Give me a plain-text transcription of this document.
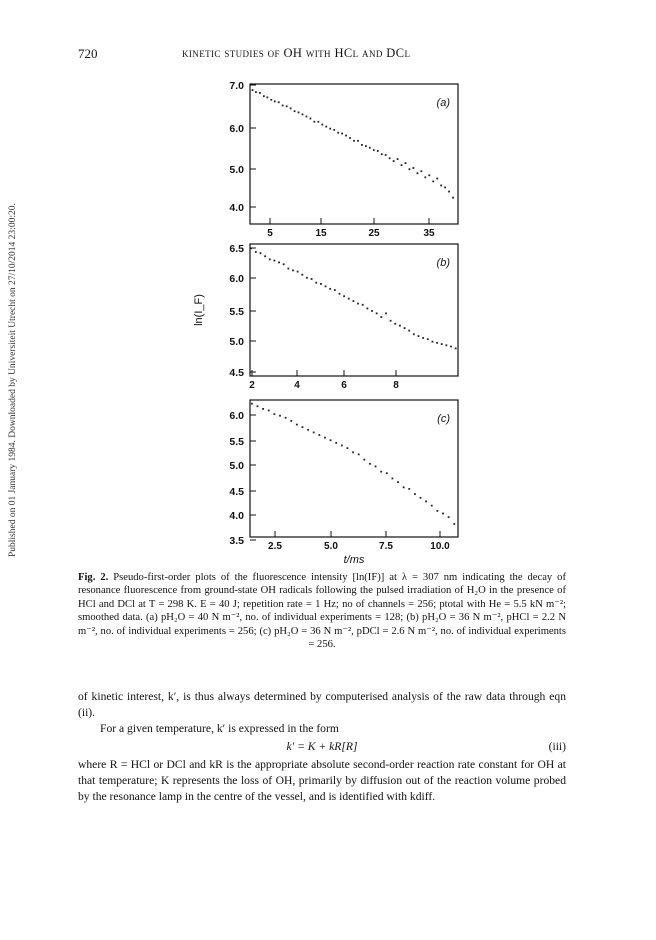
Published on 01 January 1984. Downloaded by Universiteit Utrecht on 27/10/2014 23:00:20.
720	kinetic studies of OH with HCl and DCl
7.0
6.0
5.0
4.0
5	15	25	35
(a)
6.5
6.0
5.5
5.0
4.5
2	4	6	8
(b)
6.0
5.5
5.0
4.5
4.0
3.5 2.5	5.0	7.5	10.0
(c)
ln(I_F)
t/ms
Fig. 2. Pseudo-first-order plots of the fluorescence intensity [ln(IF)] at λ = 307 nm indicating the decay of resonance fluorescence from ground-state OH radicals following the pulsed irradiation of H₂O in the presence of HCl and DCl at T = 298 K. E = 40 J; repetition rate = 1 Hz; no of channels = 256; ptotal with He = 5.5 kN m⁻²; smoothed data. (a) pH₂O = 40 N m⁻², no. of individual experiments = 128; (b) pH₂O = 36 N m⁻², pHCl = 2.2 N m⁻², no. of individual experiments = 256; (c) pH₂O = 36 N m⁻², pDCl = 2.6 N m⁻², no. of individual experiments = 256.

of kinetic interest, k′, is thus always determined by computerised analysis of the raw data through eqn (ii).

For a given temperature, k′ is expressed in the form

k′ = K + kR[R]	(iii)

where R = HCl or DCl and kR is the appropriate absolute second-order reaction rate constant for OH at that temperature; K represents the loss of OH, primarily by diffusion out of the reaction volume probed by the resonance lamp in the centre of the vessel, and is identified with kdiff.
